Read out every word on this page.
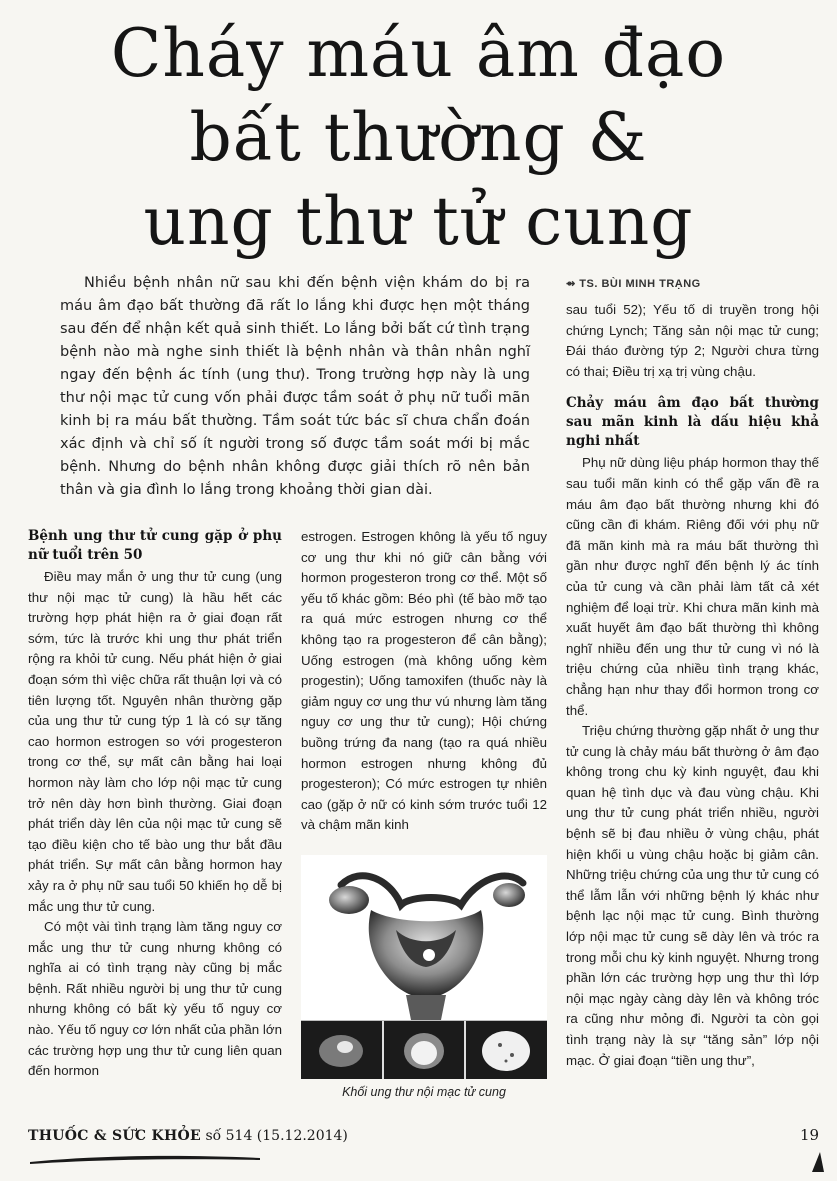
Cháy máu âm đạo
bất thường &
ung thư tử cung
Nhiều bệnh nhân nữ sau khi đến bệnh viện khám do bị ra máu âm đạo bất thường đã rất lo lắng khi được hẹn một tháng sau đến để nhận kết quả sinh thiết. Lo lắng bởi bất cứ tình trạng bệnh nào mà nghe sinh thiết là bệnh nhân và thân nhân nghĩ ngay đến bệnh ác tính (ung thư). Trong trường hợp này là ung thư nội mạc tử cung vốn phải được tầm soát ở phụ nữ tuổi mãn kinh bị ra máu bất thường. Tầm soát tức bác sĩ chưa chẩn đoán xác định và chỉ số ít người trong số được tầm soát mới bị mắc bệnh. Nhưng do bệnh nhân không được giải thích rõ nên bản thân và gia đình lo lắng trong khoảng thời gian dài.
⇴ TS. BÙI MINH TRẠNG
Bệnh ung thư tử cung gặp ở phụ nữ tuổi trên 50

Điều may mắn ở ung thư tử cung (ung thư nội mạc tử cung) là hầu hết các trường hợp phát hiện ra ở giai đoạn rất sớm, tức là trước khi ung thư phát triển rộng ra khỏi tử cung. Nếu phát hiện ở giai đoạn sớm thì việc chữa rất thuận lợi và có tiên lượng tốt. Nguyên nhân thường gặp của ung thư tử cung týp 1 là có sự tăng cao hormon estrogen so với progesteron trong cơ thể, sự mất cân bằng hai loại hormon này làm cho lớp nội mạc tử cung trở nên dày hơn bình thường. Giai đoạn phát triển dày lên của nội mạc tử cung sẽ tạo điều kiện cho tế bào ung thư bắt đầu phát triển. Sự mất cân bằng hormon hay xảy ra ở phụ nữ sau tuổi 50 khiến họ dễ bị mắc ung thư tử cung.

Có một vài tình trạng làm tăng nguy cơ mắc ung thư tử cung nhưng không có nghĩa ai có tình trạng này cũng bị mắc bệnh. Rất nhiều người bị ung thư tử cung nhưng không có bất kỳ yếu tố nguy cơ nào. Yếu tố nguy cơ lớn nhất của phần lớn các trường hợp ung thư tử cung liên quan đến hormon

estrogen. Estrogen không là yếu tố nguy cơ ung thư khi nó giữ cân bằng với hormon progesteron trong cơ thể. Một số yếu tố khác gồm: Béo phì (tế bào mỡ tạo ra quá mức estrogen nhưng cơ thể không tạo ra progesteron để cân bằng); Uống estrogen (mà không uống kèm progestin); Uống tamoxifen (thuốc này là giảm nguy cơ ung thư vú nhưng làm tăng nguy cơ ung thư tử cung); Hội chứng buồng trứng đa nang (tạo ra quá nhiều hormon estrogen nhưng không đủ progesteron); Có mức estrogen tự nhiên cao (gặp ở nữ có kinh sớm trước tuổi 12 và chậm mãn kinh

Khối ung thư nội mạc tử cung

sau tuổi 52); Yếu tố di truyền trong hội chứng Lynch; Tăng sản nội mạc tử cung; Đái tháo đường týp 2; Người chưa từng có thai; Điều trị xạ trị vùng chậu.

Chảy máu âm đạo bất thường sau mãn kinh là dấu hiệu khả nghi nhất

Phụ nữ dùng liệu pháp hormon thay thế sau tuổi mãn kinh có thể gặp vấn đề ra máu âm đạo bất thường nhưng khi đó cũng cần đi khám. Riêng đối với phụ nữ đã mãn kinh mà ra máu bất thường thì gần như được nghĩ đến bệnh lý ác tính của tử cung và cần phải làm tất cả xét nghiệm để loại trừ. Khi chưa mãn kinh mà xuất huyết âm đạo bất thường thì không nghĩ nhiều đến ung thư tử cung vì nó là triệu chứng của nhiều tình trạng khác, chẳng hạn như thay đổi hormon trong cơ thể.

Triệu chứng thường gặp nhất ở ung thư tử cung là chảy máu bất thường ở âm đạo không trong chu kỳ kinh nguyệt, đau khi quan hệ tình dục và đau vùng chậu. Khi ung thư tử cung phát triển nhiều, người bệnh sẽ bị đau nhiều ở vùng chậu, phát hiện khối u vùng chậu hoặc bị giảm cân. Những triệu chứng của ung thư tử cung có thể lẫm lẫn với những bệnh lý khác như bệnh lạc nội mạc tử cung. Bình thường lớp nội mạc tử cung sẽ dày lên và tróc ra trong mỗi chu kỳ kinh nguyệt. Nhưng trong phần lớn các trường hợp ung thư thì lớp nội mạc ngày càng dày lên và không tróc ra cũng như mỏng đi. Người ta còn gọi tình trạng này là sự “tăng sản” lớp nội mạc. Ở giai đoạn “tiền ung thư”,

THUỐC & SỨC KHỎE số 514 (15.12.2014)	19
